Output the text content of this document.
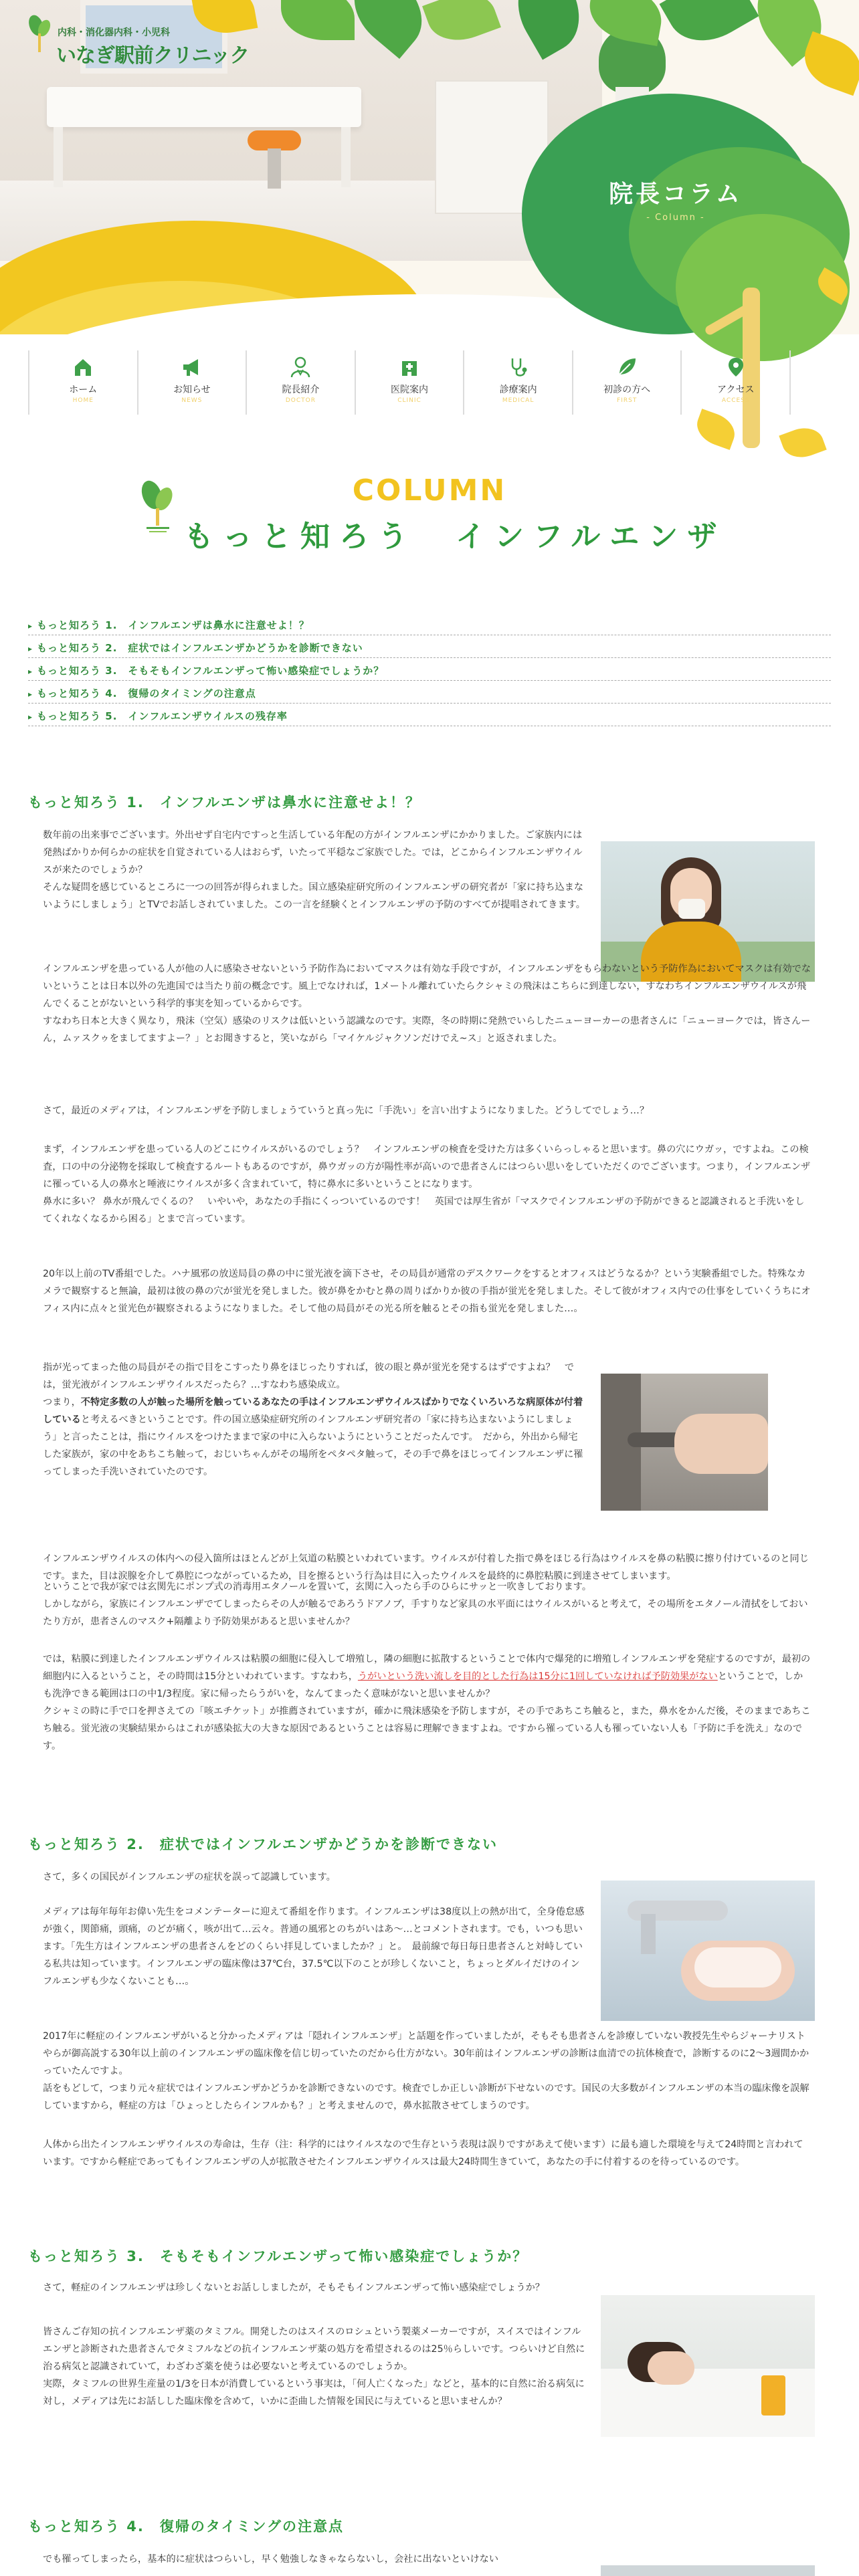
院長コラム
- Column -
内科・消化器内科・小児科
いなぎ駅前クリニック
ホーム
HOME
お知らせ
NEWS
院長紹介
DOCTOR
医院案内
CLINIC
診療案内
MEDICAL
初診の方へ
FIRST
アクセス
ACCESS
COLUMN
もっと知ろう　インフルエンザ
▸ もっと知ろう 1.　インフルエンザは鼻水に注意せよ！？
▸ もっと知ろう 2.　症状ではインフルエンザかどうかを診断できない
▸ もっと知ろう 3.　そもそもインフルエンザって怖い感染症でしょうか？
▸ もっと知ろう 4.　復帰のタイミングの注意点
▸ もっと知ろう 5.　インフルエンザウイルスの残存率
もっと知ろう 1.　インフルエンザは鼻水に注意せよ！？

数年前の出来事でございます。外出せず自宅内ですっと生活している年配の方がインフルエンザにかかりました。ご家族内には発熱ばかりか何らかの症状を自覚されている人はおらず，いたって平穏なご家族でした。では，どこからインフルエンザウイルスが来たのでしょうか？

そんな疑問を感じているところに一つの回答が得られました。国立感染症研究所のインフルエンザの研究者が「家に持ち込まないようにしましょう」とTVでお話しされていました。この一言を経験くとインフルエンザの予防のすべてが提唱されてきます。

インフルエンザを患っている人が他の人に感染させないという予防作為においてマスクは有効な手段ですが，インフルエンザをもらわないという予防作為においてマスクは有効でないということは日本以外の先進国では当たり前の概念です。風上でなければ，1メートル離れていたらクシャミの飛沫はこちらに到達しない，すなわちインフルエンザウイルスが飛んでくることがないという科学的事実を知っているからです。

すなわち日本と大きく異なり，飛沫（空気）感染のリスクは低いという認識なのです。実際，冬の時期に発熱でいらしたニューヨーカーの患者さんに「ニューヨークでは，皆さんーん，ムァスクゥをましてますよー？」とお聞きすると，笑いながら「マイケルジャクソンだけでえ~ス」と返されました。

さて，最近のメディアは，インフルエンザを予防しましょうていうと真っ先に「手洗い」を言い出すようになりました。どうしてでしょう…？

まず，インフルエンザを患っている人のどこにウイルスがいるのでしょう？　インフルエンザの検査を受けた方は多くいらっしゃると思います。鼻の穴にウガッ，ですよね。この検査，口の中の分泌物を採取して検査するルートもあるのですが，鼻ウガッの方が陽性率が高いので患者さんにはつらい思いをしていただくのでございます。つまり，インフルエンザに罹っている人の鼻水と唾液にウイルスが多く含まれていて，特に鼻水に多いということになります。

鼻水に多い？ 鼻水が飛んでくるの？　いやいや，あなたの手指にくっついているのです！　英国では厚生省が「マスクでインフルエンザの予防ができると認識されると手洗いをしてくれなくなるから困る」とまで言っています。

20年以上前のTV番組でした。ハナ風邪の放送局員の鼻の中に蛍光液を滴下させ，その局員が通常のデスクワークをするとオフィスはどうなるか？という実験番組でした。特殊なカメラで観察すると無論，最初は彼の鼻の穴が蛍光を発しました。彼が鼻をかむと鼻の周りばかりか彼の手指が蛍光を発しました。そして彼がオフィス内での仕事をしていくうちにオフィス内に点々と蛍光色が観察されるようになりました。そして他の局員がその光る所を触るとその指も蛍光を発しました…。

指が光ってまった他の局員がその指で目をこすったり鼻をほじったりすれば，彼の眼と鼻が蛍光を発するはずですよね？　では，蛍光液がインフルエンザウイルスだったら？…すなわち感染成立。

つまり，不特定多数の人が触った場所を触っているあなたの手はインフルエンザウイルスばかりでなくいろいろな病原体が付着していると考えるべきということです。件の国立感染症研究所のインフルエンザ研究者の「家に持ち込まないようにしましょう」と言ったことは，指にウイルスをつけたままで家の中に入らないようにということだったんです。　だから，外出から帰宅した家族が，家の中をあちこち触って，おじいちゃんがその場所をペタペタ触って，その手で鼻をほじってインフルエンザに罹ってしまった手洗いされていたのです。

インフルエンザウイルスの体内への侵入箇所はほとんどが上気道の粘膜といわれています。ウイルスが付着した指で鼻をほじる行為はウイルスを鼻の粘膜に擦り付けているのと同じです。また，目は涙腺を介して鼻腔につながっているため，目を擦るという行為は目に入ったウイルスを最終的に鼻腔粘膜に到達させてしまいます。

ということで我が家では玄関先にポンプ式の消毒用エタノールを置いて，玄関に入ったら手のひらにサッと一吹きしております。

しかしながら，家族にインフルエンザでてしまったらその人が触るであろうドアノブ，手すりなど家具の水平面にはウイルスがいると考えて，その場所をエタノール清拭をしておいたり方が，患者さんのマスク+隔離より予防効果があると思いませんか？

では，粘膜に到達したインフルエンザウイルスは粘膜の細胞に侵入して増殖し，隣の細胞に拡散するということで体内で爆発的に増殖しインフルエンザを発症するのですが，最初の細胞内に入るということ，その時間は15分といわれています。すなわち，うがいという洗い流しを目的とした行為は15分に1回していなければ予防効果がないということで，しかも洗浄できる範囲は口の中1/3程度。家に帰ったらうがいを，なんてまったく意味がないと思いませんか？

クシャミの時に手で口を押さえての「咳エチケット」が推薦されていますが，確かに飛沫感染を予防しますが，その手であちこち触ると，また，鼻水をかんだ後，そのままであちこち触る。蛍光液の実験結果からはこれが感染拡大の大きな原因であるということは容易に理解できますよね。ですから罹っている人も罹っていない人も「予防に手を洗え」なのです。

もっと知ろう 2.　症状ではインフルエンザかどうかを診断できない

さて，多くの国民がインフルエンザの症状を誤って認識しています。

メディアは毎年毎年お偉い先生をコメンテーターに迎えて番組を作ります。インフルエンザは38度以上の熱が出て，全身倦怠感が強く，関節痛，頭痛，のどが痛く，咳が出て…云々。普通の風邪とのちがいはあ〜…とコメントされます。でも，いつも思います。「先生方はインフルエンザの患者さんをどのくらい拝見していましたか？」と。　最前線で毎日毎日患者さんと対峙している私共は知っています。インフルエンザの臨床像は37℃台，37.5℃以下のことが珍しくないこと，ちょっとダルイだけのインフルエンザも少なくないことも…。

2017年に軽症のインフルエンザがいると分かったメディアは「隠れインフルエンザ」と話題を作っていましたが，そもそも患者さんを診療していない教授先生やらジャーナリストやらが御高説する30年以上前のインフルエンザの臨床像を信じ切っていたのだから仕方がない。30年前はインフルエンザの診断は血清での抗体検査で，診断するのに2〜3週間かかっていたんですよ。

話をもどして，つまり元々症状ではインフルエンザかどうかを診断できないのです。検査でしか正しい診断が下せないのです。国民の大多数がインフルエンザの本当の臨床像を誤解していますから，軽症の方は「ひょっとしたらインフルかも？」と考えませんので，鼻水拡散させてしまうのです。

人体から出たインフルエンザウイルスの寿命は，生存（注：科学的にはウイルスなので生存という表現は誤りですがあえて使います）に最も適した環境を与えて24時間と言われています。ですから軽症であってもインフルエンザの人が拡散させたインフルエンザウイルスは最大24時間生きていて，あなたの手に付着するのを待っているのです。

もっと知ろう 3.　そもそもインフルエンザって怖い感染症でしょうか？

さて，軽症のインフルエンザは珍しくないとお話ししましたが，そもそもインフルエンザって怖い感染症でしょうか？

皆さんご存知の抗インフルエンザ薬のタミフル。開発したのはスイスのロシュという製薬メーカーですが，スイスではインフルエンザと診断された患者さんでタミフルなどの抗インフルエンザ薬の処方を希望されるのは25％らしいです。つらいけど自然に治る病気と認識されていて，わざわざ薬を使うは必要ないと考えているのでしょうか。

実際，タミフルの世界生産量の1/3を日本が消費しているという事実は，「何人亡くなった」などと，基本的に自然に治る病気に対し，メディアは先にお話しした臨床像を含めて，いかに歪曲した情報を国民に与えていると思いませんか？

もっと知ろう 4.　復帰のタイミングの注意点

でも罹ってしまったら，基本的に症状はつらいし，早く勉強しなきゃならないし，会社に出ないといけない
